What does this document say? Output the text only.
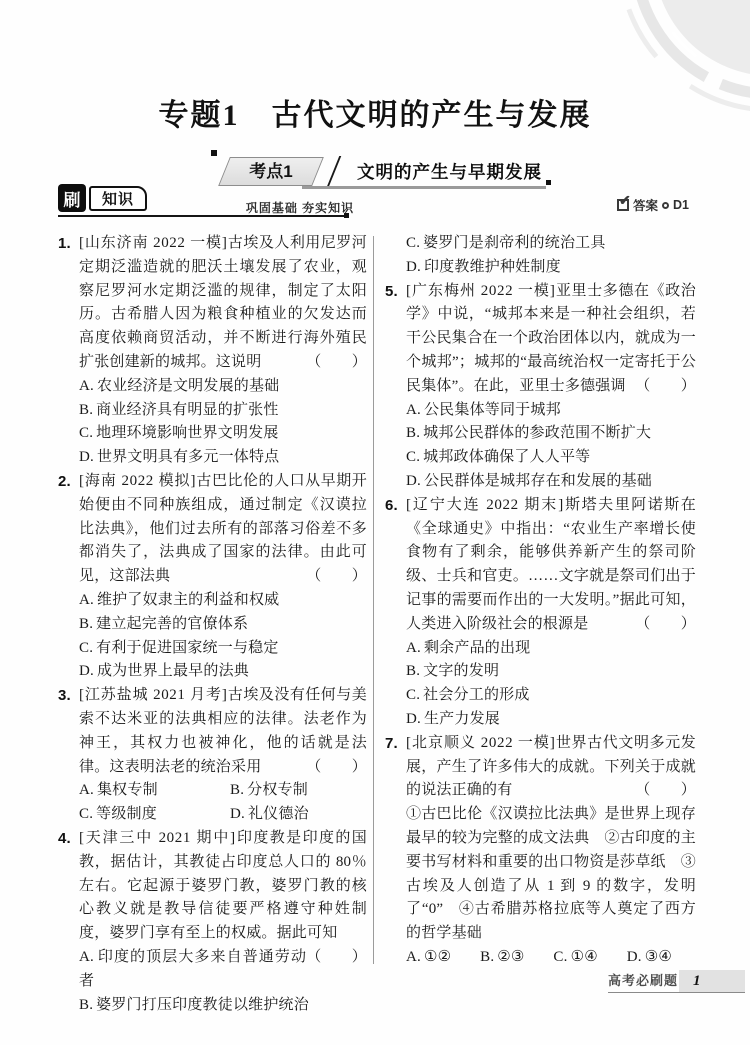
专题1　古代文明的产生与发展
考点1	文明的产生与早期发展
刷	知识	巩固基础 夯实知识	✔ 答案 D1
1. [山东济南 2022 一模]古埃及人利用尼罗河定期泛滥造就的肥沃土壤发展了农业，观察尼罗河水定期泛滥的规律，制定了太阳历。古希腊人因为粮食种植业的欠发达而高度依赖商贸活动，并不断进行海外殖民扩张创建新的城邦。这说明	（　　）

A. 农业经济是文明发展的基础
B. 商业经济具有明显的扩张性
C. 地理环境影响世界文明发展
D. 世界文明具有多元一体特点
2. [海南 2022 模拟]古巴比伦的人口从早期开始便由不同种族组成，通过制定《汉谟拉比法典》，他们过去所有的部落习俗差不多都消失了，法典成了国家的法律。由此可见，这部法典	（　　）

A. 维护了奴隶主的利益和权威
B. 建立起完善的官僚体系
C. 有利于促进国家统一与稳定
D. 成为世界上最早的法典
3. [江苏盐城 2021 月考]古埃及没有任何与美索不达米亚的法典相应的法律。法老作为神王，其权力也被神化，他的话就是法律。这表明法老的统治采用	（　　）

A. 集权专制	B. 分权专制
C. 等级制度	D. 礼仪德治
4. [天津三中 2021 期中]印度教是印度的国教，据估计，其教徒占印度总人口的 80％左右。它起源于婆罗门教，婆罗门教的核心教义就是教导信徒要严格遵守种姓制度，婆罗门享有至上的权威。据此可知
（　　）

A. 印度的顶层大多来自普通劳动者
B. 婆罗门打压印度教徒以维护统治
C. 婆罗门是刹帝利的统治工具
D. 印度教维护种姓制度
5. [广东梅州 2022 一模]亚里士多德在《政治学》中说，“城邦本来是一种社会组织，若干公民集合在一个政治团体以内，就成为一个城邦”；城邦的“最高统治权一定寄托于公民集体”。在此，亚里士多德强调 （　　）

A. 公民集体等同于城邦
B. 城邦公民群体的参政范围不断扩大
C. 城邦政体确保了人人平等
D. 公民群体是城邦存在和发展的基础
6. [辽宁大连 2022 期末]斯塔夫里阿诺斯在《全球通史》中指出：“农业生产率增长使食物有了剩余，能够供养新产生的祭司阶级、士兵和官吏。……文字就是祭司们出于记事的需要而作出的一大发明。”据此可知，人类进入阶级社会的根源是	（　　）

A. 剩余产品的出现
B. 文字的发明
C. 社会分工的形成
D. 生产力发展
7. [北京顺义 2022 一模]世界古代文明多元发展，产生了许多伟大的成就。下列关于成就的说法正确的有	（　　）

①古巴比伦《汉谟拉比法典》是世界上现存最早的较为完整的成文法典 ②古印度的主要书写材料和重要的出口物资是莎草纸 ③古埃及人创造了从 1 到 9 的数字，发明了“0” ④古希腊苏格拉底等人奠定了西方的哲学基础

A. ①② B. ②③ C. ①④ D. ③④
高考必刷题 1
